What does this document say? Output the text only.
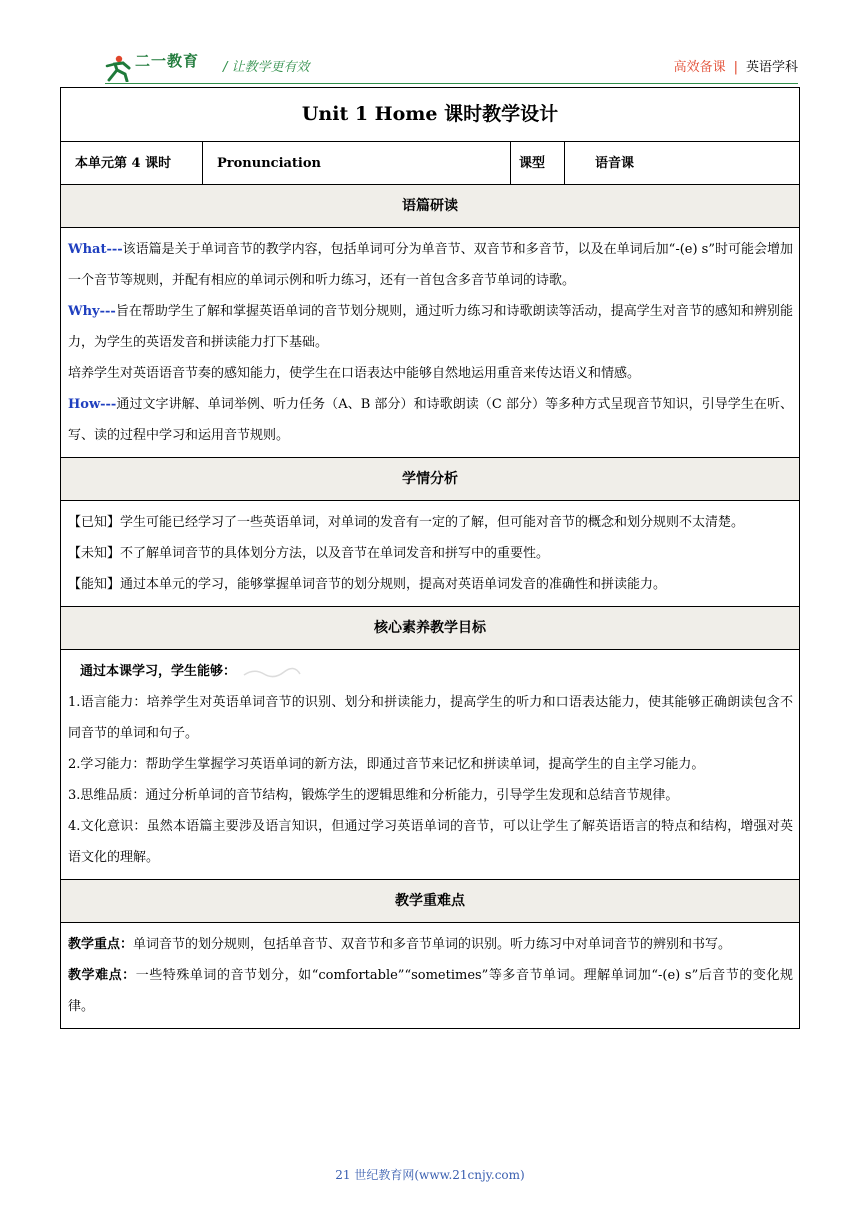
二一教育 / 让教学更有效	高效备课 | 英语学科
Unit 1 Home 课时教学设计
本单元第 4 课时	Pronunciation	课型	语音课
语篇研读

What---该语篇是关于单词音节的教学内容，包括单词可分为单音节、双音节和多音节，以及在单词后加“-(e) s”时可能会增加一个音节等规则，并配有相应的单词示例和听力练习，还有一首包含多音节单词的诗歌。

Why---旨在帮助学生了解和掌握英语单词的音节划分规则，通过听力练习和诗歌朗读等活动，提高学生对音节的感知和辨别能力，为学生的英语发音和拼读能力打下基础。

培养学生对英语语音节奏的感知能力，使学生在口语表达中能够自然地运用重音来传达语义和情感。

How---通过文字讲解、单词举例、听力任务（A、B 部分）和诗歌朗读（C 部分）等多种方式呈现音节知识，引导学生在听、写、读的过程中学习和运用音节规则。

学情分析

【已知】学生可能已经学习了一些英语单词，对单词的发音有一定的了解，但可能对音节的概念和划分规则不太清楚。

【未知】不了解单词音节的具体划分方法，以及音节在单词发音和拼写中的重要性。

【能知】通过本单元的学习，能够掌握单词音节的划分规则，提高对英语单词发音的准确性和拼读能力。

核心素养教学目标

通过本课学习，学生能够：

1.语言能力：培养学生对英语单词音节的识别、划分和拼读能力，提高学生的听力和口语表达能力，使其能够正确朗读包含不同音节的单词和句子。

2.学习能力：帮助学生掌握学习英语单词的新方法，即通过音节来记忆和拼读单词，提高学生的自主学习能力。

3.思维品质：通过分析单词的音节结构，锻炼学生的逻辑思维和分析能力，引导学生发现和总结音节规律。

4.文化意识：虽然本语篇主要涉及语言知识，但通过学习英语单词的音节，可以让学生了解英语语言的特点和结构，增强对英语文化的理解。

教学重难点

教学重点：单词音节的划分规则，包括单音节、双音节和多音节单词的识别。听力练习中对单词音节的辨别和书写。

教学难点：一些特殊单词的音节划分，如“comfortable”“sometimes”等多音节单词。理解单词加“-(e) s”后音节的变化规律。

21 世纪教育网(www.21cnjy.com)
